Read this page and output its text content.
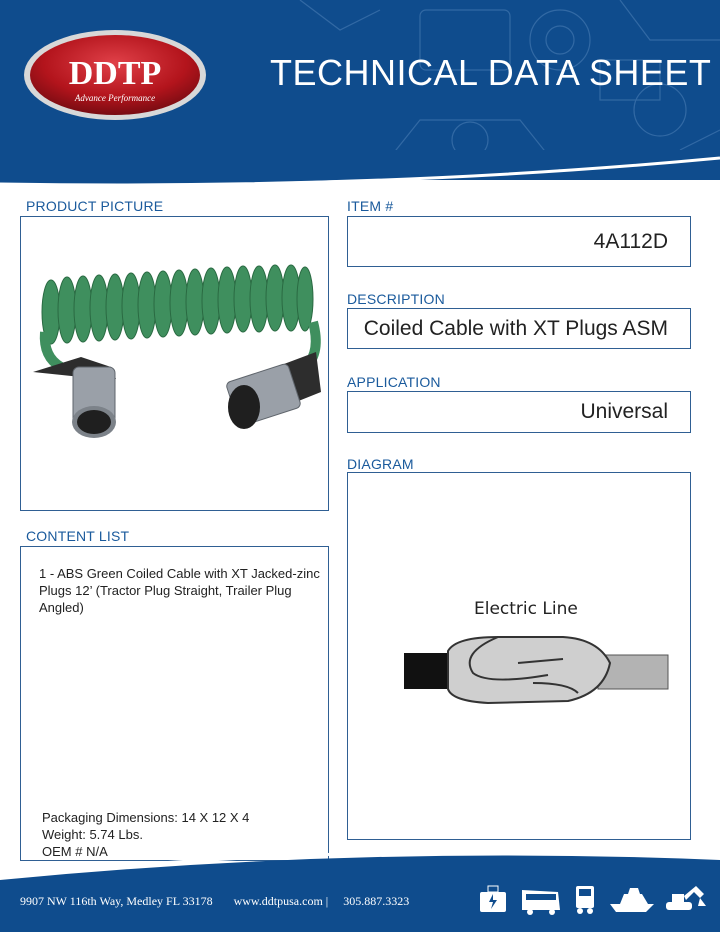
DDTP
Advance Performance
TECHNICAL DATA SHEET
PRODUCT PICTURE	ITEM #
4A112D
DESCRIPTION
Coiled Cable with XT Plugs ASM
APPLICATION
Universal
DIAGRAM
Electric Line
CONTENT LIST
1 - ABS Green Coiled Cable with XT Jacked-zinc
Plugs 12’ (Tractor Plug Straight, Trailer Plug
Angled)
Packaging Dimensions: 14 X 12 X 4
Weight: 5.74 Lbs.
OEM # N/A
9907 NW 116th Way, Medley FL 33178 www.ddtpusa.com | 305.887.3323
